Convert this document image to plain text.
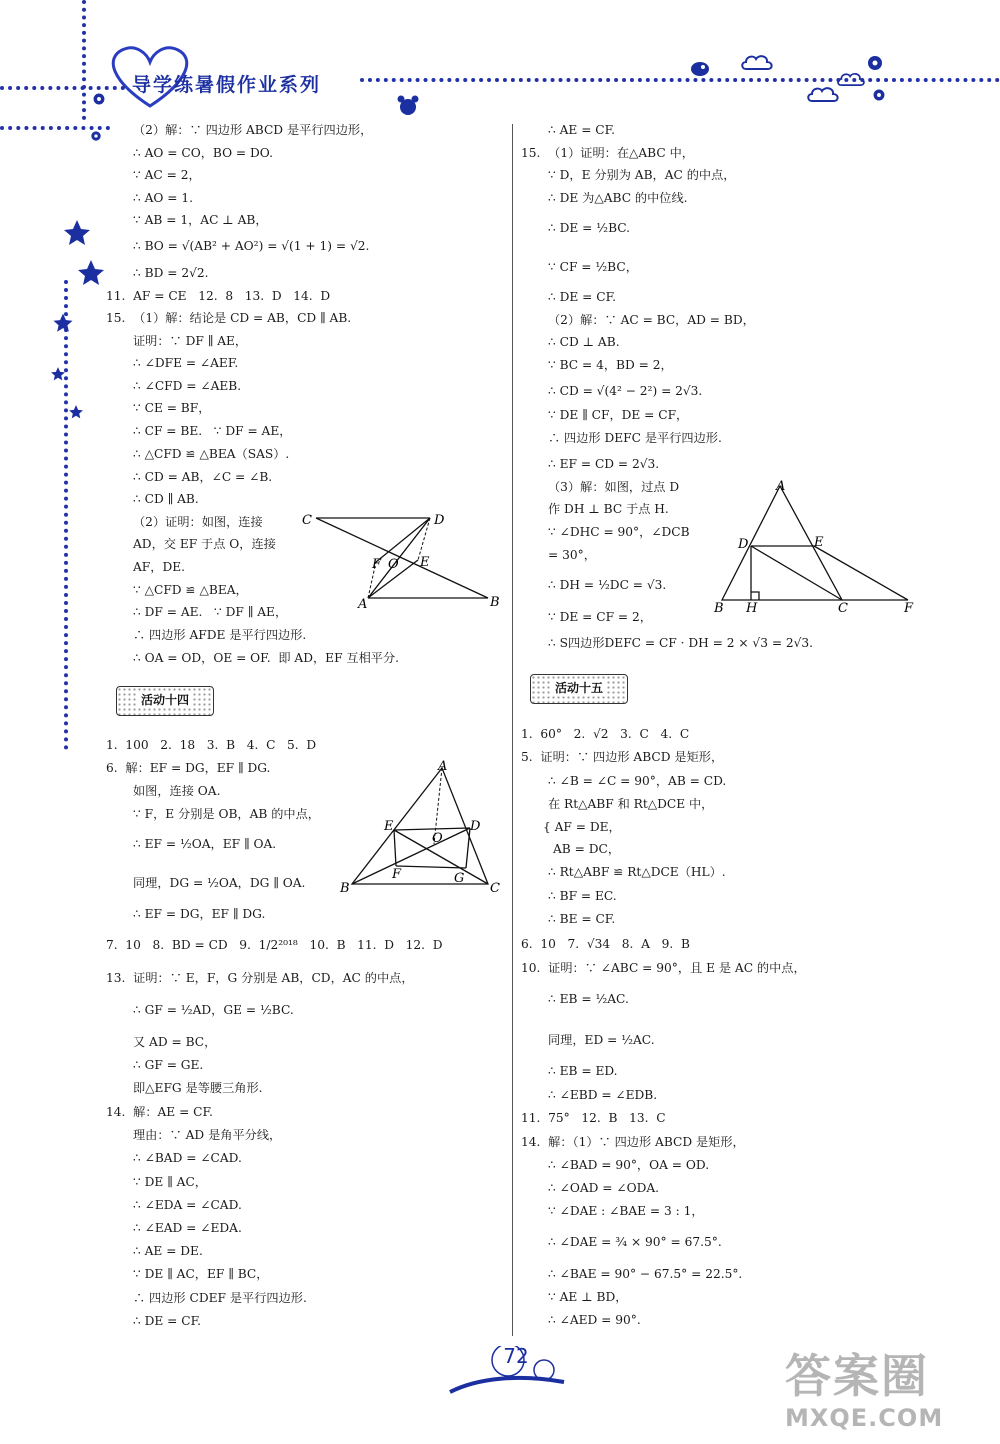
导学练暑假作业系列
（2）解：∵ 四边形 ABCD 是平行四边形，
∴ AO = CO，BO = DO.
∵ AC = 2，
∴ AO = 1.
∵ AB = 1，AC ⊥ AB，
∴ BO = √(AB² + AO²) = √(1 + 1) = √2.
∴ BD = 2√2.
11.  AF = CE   12.  8   13.  D   14.  D
15.  （1）解：结论是 CD = AB，CD ∥ AB.
证明：∵ DF ∥ AE，
∴ ∠DFE = ∠AEF.
∴ ∠CFD = ∠AEB.
∵ CE = BF，
∴ CF = BE.   ∵ DF = AE，
∴ △CFD ≌ △BEA（SAS）.
∴ CD = AB，∠C = ∠B.
∴ CD ∥ AB.
（2）证明：如图，连接
AD，交 EF 于点 O，连接
AF，DE.
∵ △CFD ≌ △BEA，
∴ DF = AE.   ∵ DF ∥ AE，
∴ 四边形 AFDE 是平行四边形.
∴ OA = OD，OE = OF.  即 AD，EF 互相平分.
活动十四
1.  100   2.  18   3.  B   4.  C   5.  D
6.  解：EF = DG，EF ∥ DG.
如图，连接 OA.
∵ F，E 分别是 OB，AB 的中点，
∴ EF = ½OA，EF ∥ OA.
同理，DG = ½OA，DG ∥ OA.
∴ EF = DG，EF ∥ DG.
7.  10   8.  BD = CD   9.  1/2²⁰¹⁸   10.  B   11.  D   12.  D
13.  证明：∵ E，F，G 分别是 AB，CD，AC 的中点，
∴ GF = ½AD，GE = ½BC.
又 AD = BC，
∴ GF = GE.
即△EFG 是等腰三角形.
14.  解：AE = CF.
理由：∵ AD 是角平分线，
∴ ∠BAD = ∠CAD.
∵ DE ∥ AC，
∴ ∠EDA = ∠CAD.
∴ ∠EAD = ∠EDA.
∴ AE = DE.
∵ DE ∥ AC，EF ∥ BC，
∴ 四边形 CDEF 是平行四边形.
∴ DE = CF.
C	D
F O E
A	B
A
E	D
O
F	G
B	C
∴ AE = CF.
15.  （1）证明：在△ABC 中，
∵ D，E 分别为 AB，AC 的中点，
∴ DE 为△ABC 的中位线.
∴ DE = ½BC.
∵ CF = ½BC，
∴ DE = CF.
（2）解：∵ AC = BC，AD = BD，
∴ CD ⊥ AB.
∵ BC = 4，BD = 2，
∴ CD = √(4² − 2²) = 2√3.
∵ DE ∥ CF，DE = CF，
∴ 四边形 DEFC 是平行四边形.
∴ EF = CD = 2√3.
（3）解：如图，过点 D
作 DH ⊥ BC 于点 H.
∵ ∠DHC = 90°，∠DCB
= 30°，
∴ DH = ½DC = √3.
∵ DE = CF = 2，
∴ S四边形DEFC = CF · DH = 2 × √3 = 2√3.
活动十五
1.  60°   2.  √2   3.  C   4.  C
5.  证明：∵ 四边形 ABCD 是矩形，
∴ ∠B = ∠C = 90°，AB = CD.
在 Rt△ABF 和 Rt△DCE 中，
{ AF = DE，
AB = DC，
∴ Rt△ABF ≌ Rt△DCE（HL）.
∴ BF = EC.
∴ BE = CF.
6.  10   7.  √34   8.  A   9.  B
10.  证明：∵ ∠ABC = 90°，且 E 是 AC 的中点，
∴ EB = ½AC.
同理，ED = ½AC.
∴ EB = ED.
∴ ∠EBD = ∠EDB.
11.  75°   12.  B   13.  C
14.  解：（1）∵ 四边形 ABCD 是矩形，
∴ ∠BAD = 90°，OA = OD.
∴ ∠OAD = ∠ODA.
∵ ∠DAE : ∠BAE = 3 : 1，
∴ ∠DAE = ¾ × 90° = 67.5°.
∴ ∠BAE = 90° − 67.5° = 22.5°.
∵ AE ⊥ BD，
∴ ∠AED = 90°.
A
D	E
B H	C	F
72	答案圈
MXQE.COM
